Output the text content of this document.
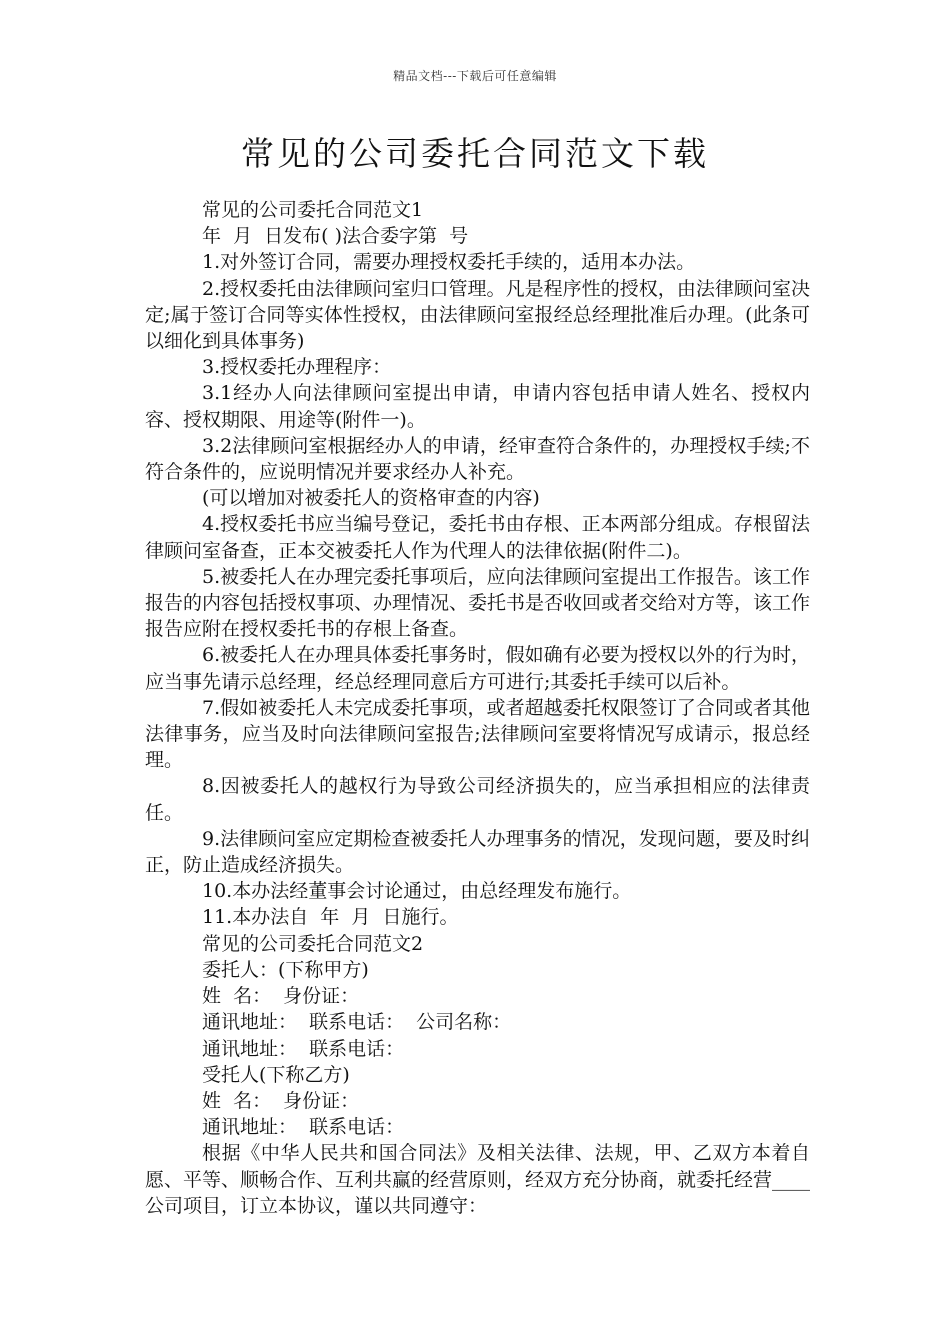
精品文档---下载后可任意编辑
常见的公司委托合同范文下载

常见的公司委托合同范文1

年  月  日发布( )法合委字第  号

1.对外签订合同，需要办理授权委托手续的，适用本办法。

2.授权委托由法律顾问室归口管理。凡是程序性的授权，由法律顾问室决定;属于签订合同等实体性授权，由法律顾问室报经总经理批准后办理。(此条可以细化到具体事务)

3.授权委托办理程序：

3.1经办人向法律顾问室提出申请，申请内容包括申请人姓名、授权内容、授权期限、用途等(附件一)。

3.2法律顾问室根据经办人的申请，经审查符合条件的，办理授权手续;不符合条件的，应说明情况并要求经办人补充。

(可以增加对被委托人的资格审查的内容)

4.授权委托书应当编号登记，委托书由存根、正本两部分组成。存根留法律顾问室备查，正本交被委托人作为代理人的法律依据(附件二)。

5.被委托人在办理完委托事项后，应向法律顾问室提出工作报告。该工作报告的内容包括授权事项、办理情况、委托书是否收回或者交给对方等，该工作报告应附在授权委托书的存根上备查。

6.被委托人在办理具体委托事务时，假如确有必要为授权以外的行为时，应当事先请示总经理，经总经理同意后方可进行;其委托手续可以后补。

7.假如被委托人未完成委托事项，或者超越委托权限签订了合同或者其他法律事务，应当及时向法律顾问室报告;法律顾问室要将情况写成请示，报总经理。

8.因被委托人的越权行为导致公司经济损失的，应当承担相应的法律责任。

9.法律顾问室应定期检查被委托人办理事务的情况，发现问题，要及时纠正，防止造成经济损失。

10.本办法经董事会讨论通过，由总经理发布施行。

11.本办法自  年  月  日施行。

常见的公司委托合同范文2

委托人：(下称甲方)

姓  名：  身份证：

通讯地址：  联系电话：  公司名称：

通讯地址：  联系电话：

受托人(下称乙方)

姓  名：  身份证：

通讯地址：  联系电话：

根据《中华人民共和国合同法》及相关法律、法规，甲、乙双方本着自愿、平等、顺畅合作、互利共赢的经营原则，经双方充分协商，就委托经营____公司项目，订立本协议，谨以共同遵守：
